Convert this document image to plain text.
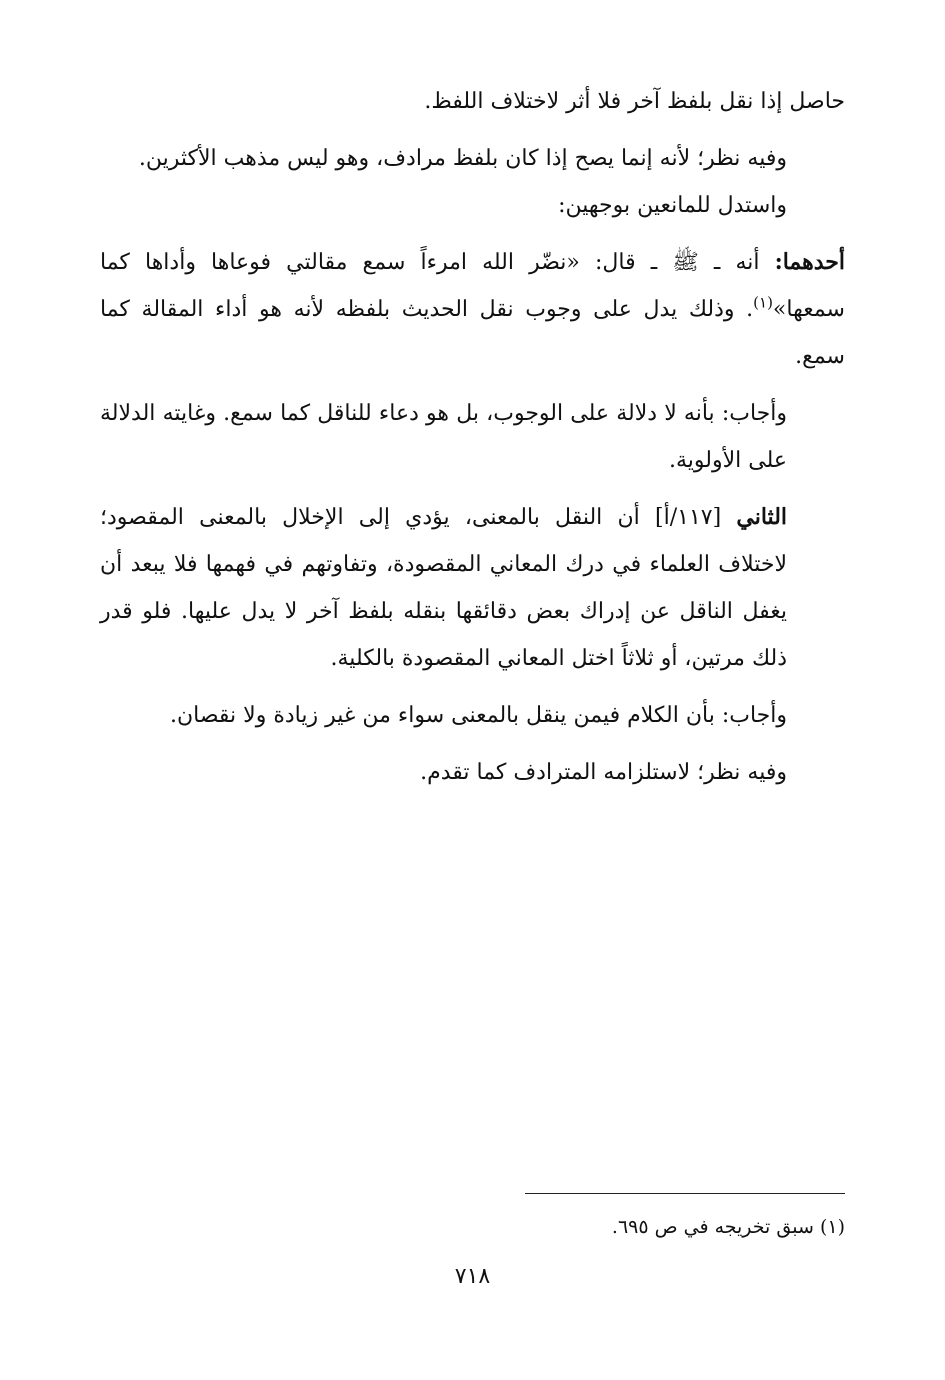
حاصل إذا نقل بلفظ آخر فلا أثر لاختلاف اللفظ.

وفيه نظر؛ لأنه إنما يصح إذا كان بلفظ مرادف، وهو ليس مذهب الأكثرين.

واستدل للمانعين بوجهين:

أحدهما: أنه ـ ﷺ ـ قال: «نضّر الله امرءاً سمع مقالتي فوعاها وأداها كما سمعها»$^{(١)}$. وذلك يدل على وجوب نقل الحديث بلفظه لأنه هو أداء المقالة كما سمع.

وأجاب: بأنه لا دلالة على الوجوب، بل هو دعاء للناقل كما سمع. وغايته الدلالة على الأولوية.

الثاني [١١٧/أ] أن النقل بالمعنى، يؤدي إلى الإخلال بالمعنى المقصود؛ لاختلاف العلماء في درك المعاني المقصودة، وتفاوتهم في فهمها فلا يبعد أن يغفل الناقل عن إدراك بعض دقائقها بنقله بلفظ آخر لا يدل عليها. فلو قدر ذلك مرتين، أو ثلاثاً اختل المعاني المقصودة بالكلية.

وأجاب: بأن الكلام فيمن ينقل بالمعنى سواء من غير زيادة ولا نقصان.

وفيه نظر؛ لاستلزامه المترادف كما تقدم.

(١) سبق تخريجه في ص ٦٩٥.
٧١٨
